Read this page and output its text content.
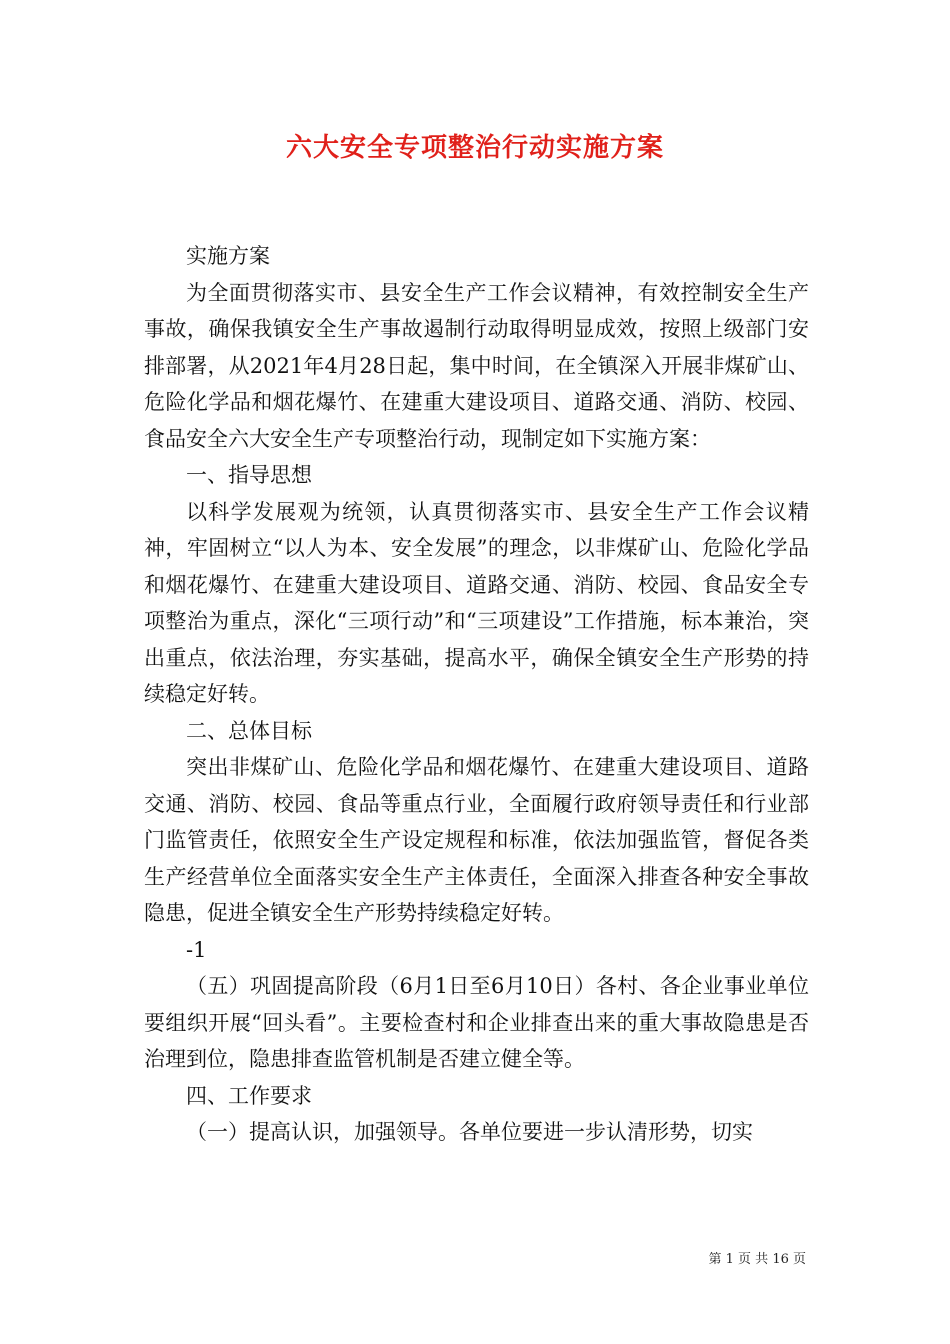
六大安全专项整治行动实施方案

实施方案

为全面贯彻落实市、县安全生产工作会议精神，有效控制安全生产事故，确保我镇安全生产事故遏制行动取得明显成效，按照上级部门安排部署，从2021年4月28日起，集中时间，在全镇深入开展非煤矿山、危险化学品和烟花爆竹、在建重大建设项目、道路交通、消防、校园、食品安全六大安全生产专项整治行动，现制定如下实施方案：

一、指导思想

以科学发展观为统领，认真贯彻落实市、县安全生产工作会议精神，牢固树立“以人为本、安全发展”的理念，以非煤矿山、危险化学品和烟花爆竹、在建重大建设项目、道路交通、消防、校园、食品安全专项整治为重点，深化“三项行动”和“三项建设”工作措施，标本兼治，突出重点，依法治理，夯实基础，提高水平，确保全镇安全生产形势的持续稳定好转。

二、总体目标

突出非煤矿山、危险化学品和烟花爆竹、在建重大建设项目、道路交通、消防、校园、食品等重点行业，全面履行政府领导责任和行业部门监管责任，依照安全生产设定规程和标准，依法加强监管，督促各类生产经营单位全面落实安全生产主体责任，全面深入排查各种安全事故隐患，促进全镇安全生产形势持续稳定好转。

-1

（五）巩固提高阶段（6月1日至6月10日）各村、各企业事业单位要组织开展“回头看”。主要检查村和企业排查出来的重大事故隐患是否治理到位，隐患排查监管机制是否建立健全等。

四、工作要求

（一）提高认识，加强领导。各单位要进一步认清形势，切实

第 1 页 共 16 页
